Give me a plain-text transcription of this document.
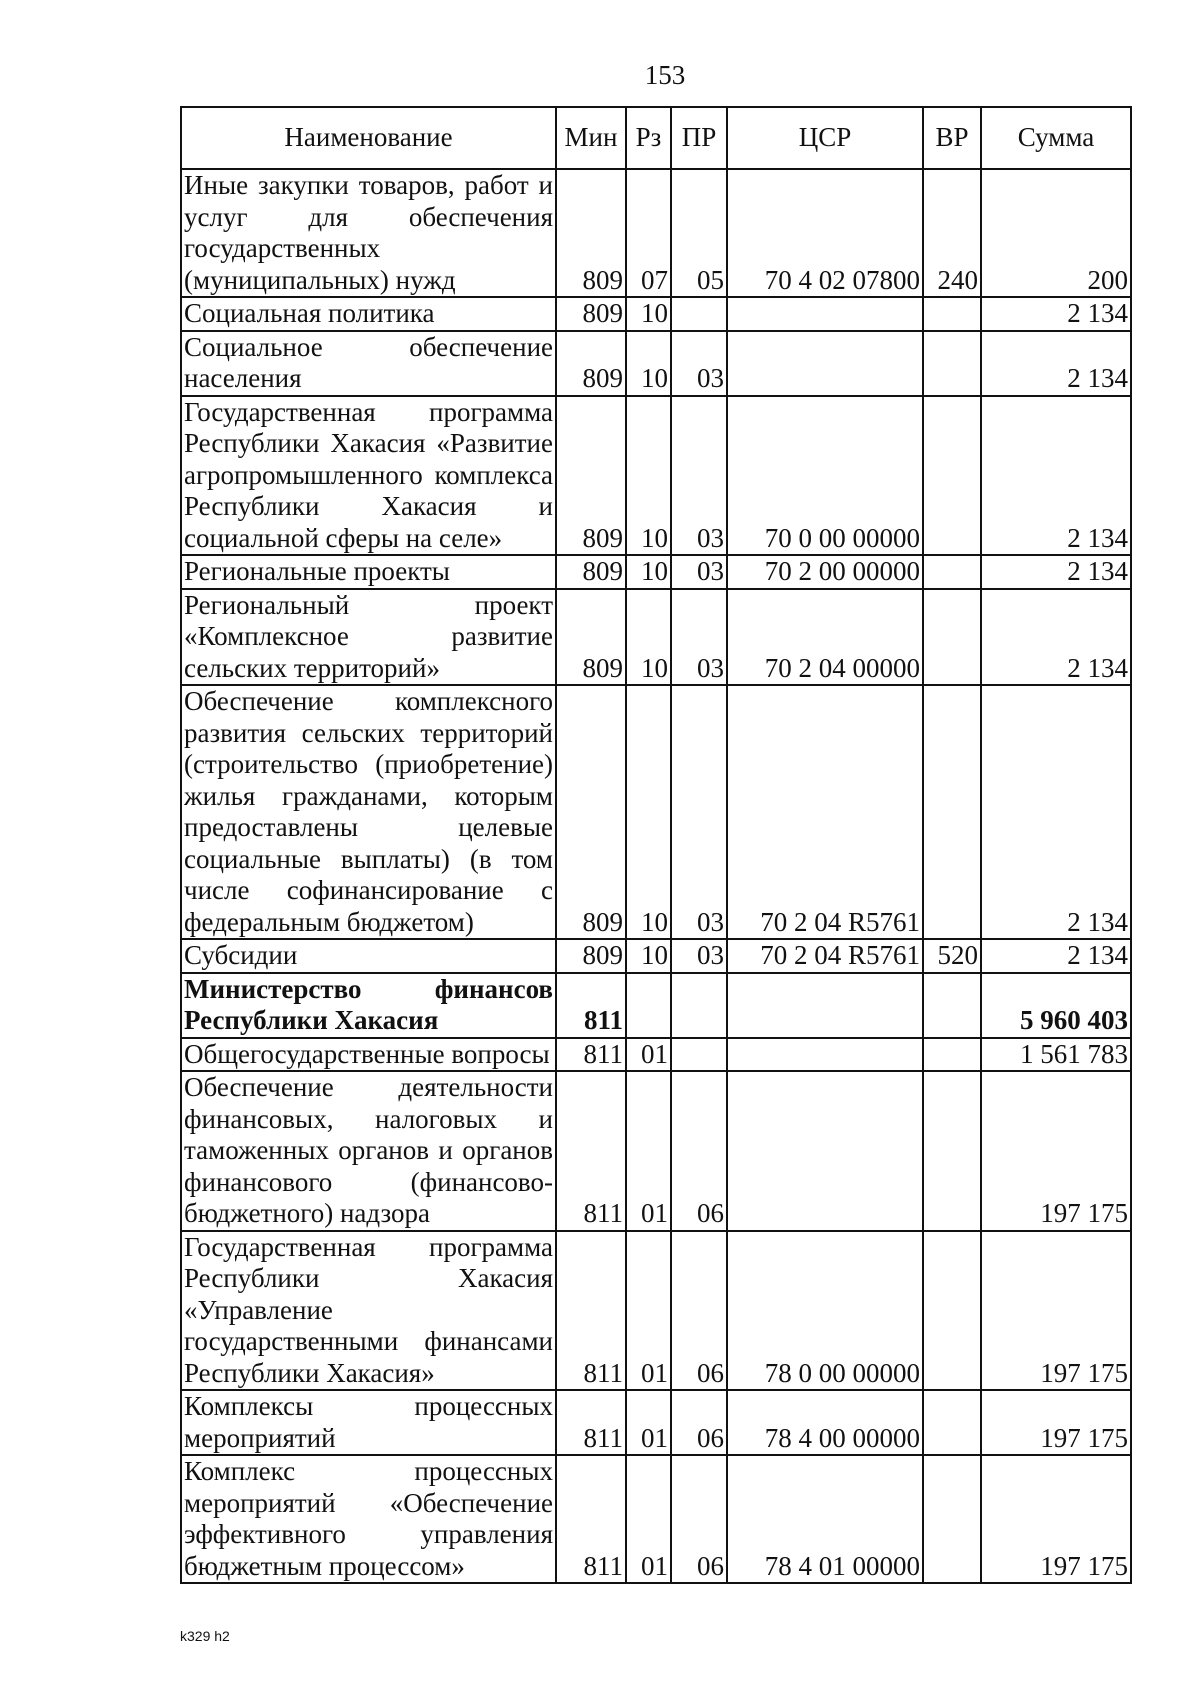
153
Наименование	Мин	Рз	ПР	ЦСР	ВР	Сумма
Иные закупки товаров, работ и услуг для обеспечения государственных (муниципальных) нужд	809	07	05	70 4 02 07800	240	200
Социальная политика	809	10				2 134
Социальное обеспечение населения	809	10	03			2 134
Государственная программа Республики Хакасия «Развитие агропромышленного комплекса Республики Хакасия и социальной сферы на селе»	809	10	03	70 0 00 00000		2 134
Региональные проекты	809	10	03	70 2 00 00000		2 134
Региональный проект «Комплексное развитие сельских территорий»	809	10	03	70 2 04 00000		2 134
Обеспечение комплексного развития сельских территорий (строительство (приобретение) жилья гражданами, которым предоставлены целевые социальные выплаты) (в том числе софинансирование с федеральным бюджетом)	809	10	03	70 2 04 R5761		2 134
Субсидии	809	10	03	70 2 04 R5761	520	2 134
Министерство финансов Республики Хакасия	811					5 960 403
Общегосударственные вопросы	811	01				1 561 783
Обеспечение деятельности финансовых, налоговых и таможенных органов и органов финансового (финансово-бюджетного) надзора	811	01	06			197 175
Государственная программа Республики Хакасия «Управление государственными финансами Республики Хакасия»	811	01	06	78 0 00 00000		197 175
Комплексы процессных мероприятий	811	01	06	78 4 00 00000		197 175
Комплекс процессных мероприятий «Обеспечение эффективного управления бюджетным процессом»	811	01	06	78 4 01 00000		197 175
k329 h2
